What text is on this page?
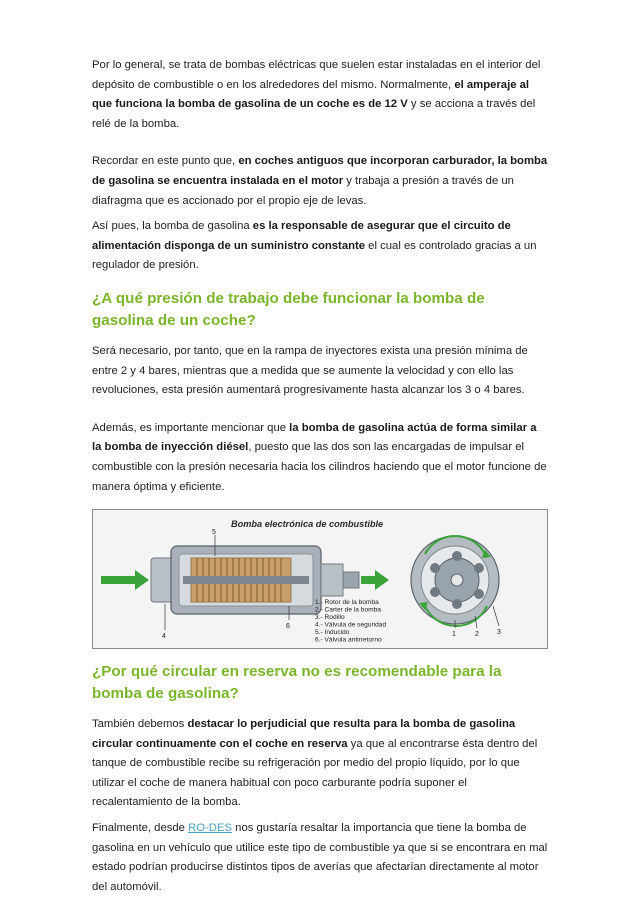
Por lo general, se trata de bombas eléctricas que suelen estar instaladas en el interior del depósito de combustible o en los alrededores del mismo. Normalmente, el amperaje al que funciona la bomba de gasolina de un coche es de 12 V y se acciona a través del relé de la bomba.

Recordar en este punto que, en coches antiguos que incorporan carburador, la bomba de gasolina se encuentra instalada en el motor y trabaja a presión a través de un diafragma que es accionado por el propio eje de levas.

Así pues, la bomba de gasolina es la responsable de asegurar que el circuito de alimentación disponga de un suministro constante el cual es controlado gracias a un regulador de presión.

¿A qué presión de trabajo debe funcionar la bomba de gasolina de un coche?

Será necesario, por tanto, que en la rampa de inyectores exista una presión mínima de entre 2 y 4 bares, mientras que a medida que se aumente la velocidad y con ello las revoluciones, esta presión aumentará progresivamente hasta alcanzar los 3 o 4 bares.

Además, es importante mencionar que la bomba de gasolina actúa de forma similar a la bomba de inyección diésel, puesto que las dos son las encargadas de impulsar el combustible con la presión necesaria hacia los cilindros haciendo que el motor funcione de manera óptima y eficiente.

Bomba electrónica de combustible
5
6
4
1.- Rotor de la bomba
2.- Carter de la bomba
3.- Rodillo
4.- Válvula de seguridad
5.- Inducido
6.- Válvula antirretorno
1	2	3
¿Por qué circular en reserva no es recomendable para la bomba de gasolina?

También debemos destacar lo perjudicial que resulta para la bomba de gasolina circular continuamente con el coche en reserva ya que al encontrarse ésta dentro del tanque de combustible recibe su refrigeración por medio del propio líquido, por lo que utilizar el coche de manera habitual con poco carburante podría suponer el recalentamiento de la bomba.

Finalmente, desde RO-DES nos gustaría resaltar la importancia que tiene la bomba de gasolina en un vehículo que utilice este tipo de combustible ya que si se encontrara en mal estado podrían producirse distintos tipos de averías que afectarían directamente al motor del automóvil.
